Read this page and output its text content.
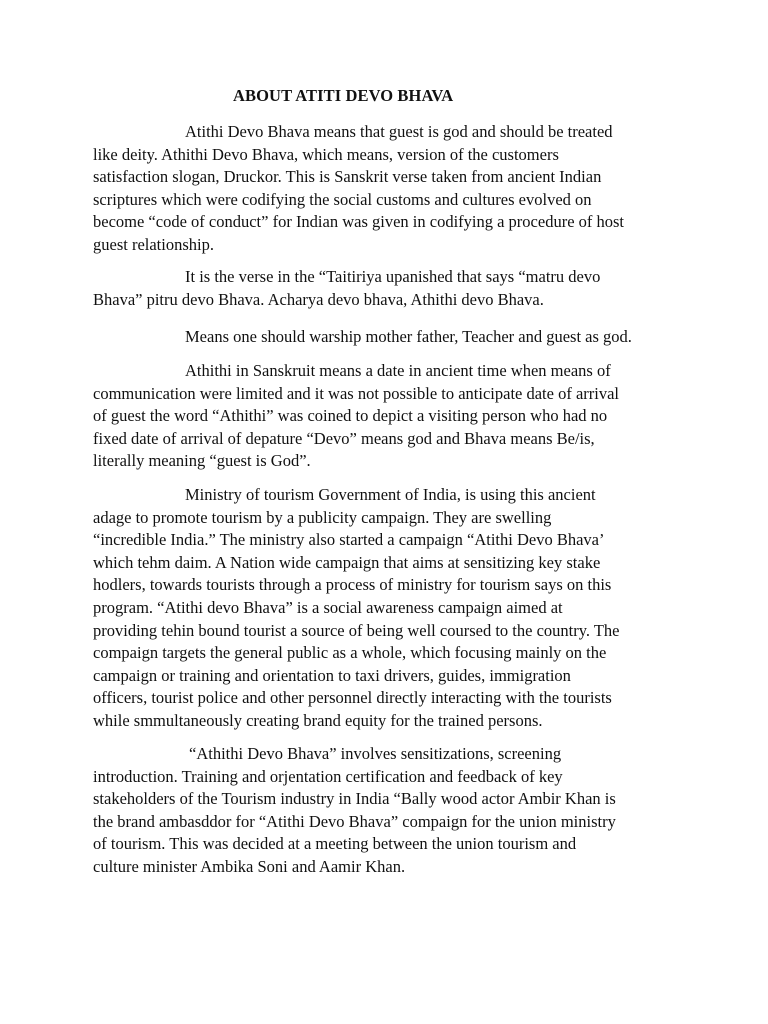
ABOUT ATITI DEVO BHAVA

Atithi Devo Bhava means that guest is god and should be treated
like deity. Athithi Devo Bhava, which means, version of the customers
satisfaction slogan, Druckor. This is Sanskrit verse taken from ancient Indian
scriptures which were codifying the social customs and cultures evolved on
become “code of conduct” for Indian was given in codifying a procedure of host
guest relationship.

It is the verse in the “Taitiriya upanished that says “matru devo
Bhava” pitru devo Bhava. Acharya devo bhava, Athithi devo Bhava.

Means one should warship mother father, Teacher and guest as god.

Athithi in Sanskruit means a date in ancient time when means of
communication were limited and it was not possible to anticipate date of arrival
of guest the word “Athithi” was coined to depict a visiting person who had no
fixed date of arrival of depature “Devo” means god and Bhava means Be/is,
literally meaning “guest is God”.

Ministry of tourism Government of India, is using this ancient
adage to promote tourism by a publicity campaign. They are swelling
“incredible India.” The ministry also started a campaign “Atithi Devo Bhava’
which tehm daim. A Nation wide campaign that aims at sensitizing key stake
hodlers, towards tourists through a process of ministry for tourism says on this
program. “Atithi devo Bhava” is a social awareness campaign aimed at
providing tehin bound tourist a source of being well coursed to the country. The
compaign targets the general public as a whole, which focusing mainly on the
campaign or training and orientation to taxi drivers, guides, immigration
officers, tourist police and other personnel directly interacting with the tourists
while smmultaneously creating brand equity for the trained persons.

“Athithi Devo Bhava” involves sensitizations, screening
introduction. Training and orjentation certification and feedback of key
stakeholders of the Tourism industry in India “Bally wood actor Ambir Khan is
the brand ambasddor for “Atithi Devo Bhava” compaign for the union ministry
of tourism. This was decided at a meeting between the union tourism and
culture minister Ambika Soni and Aamir Khan.
